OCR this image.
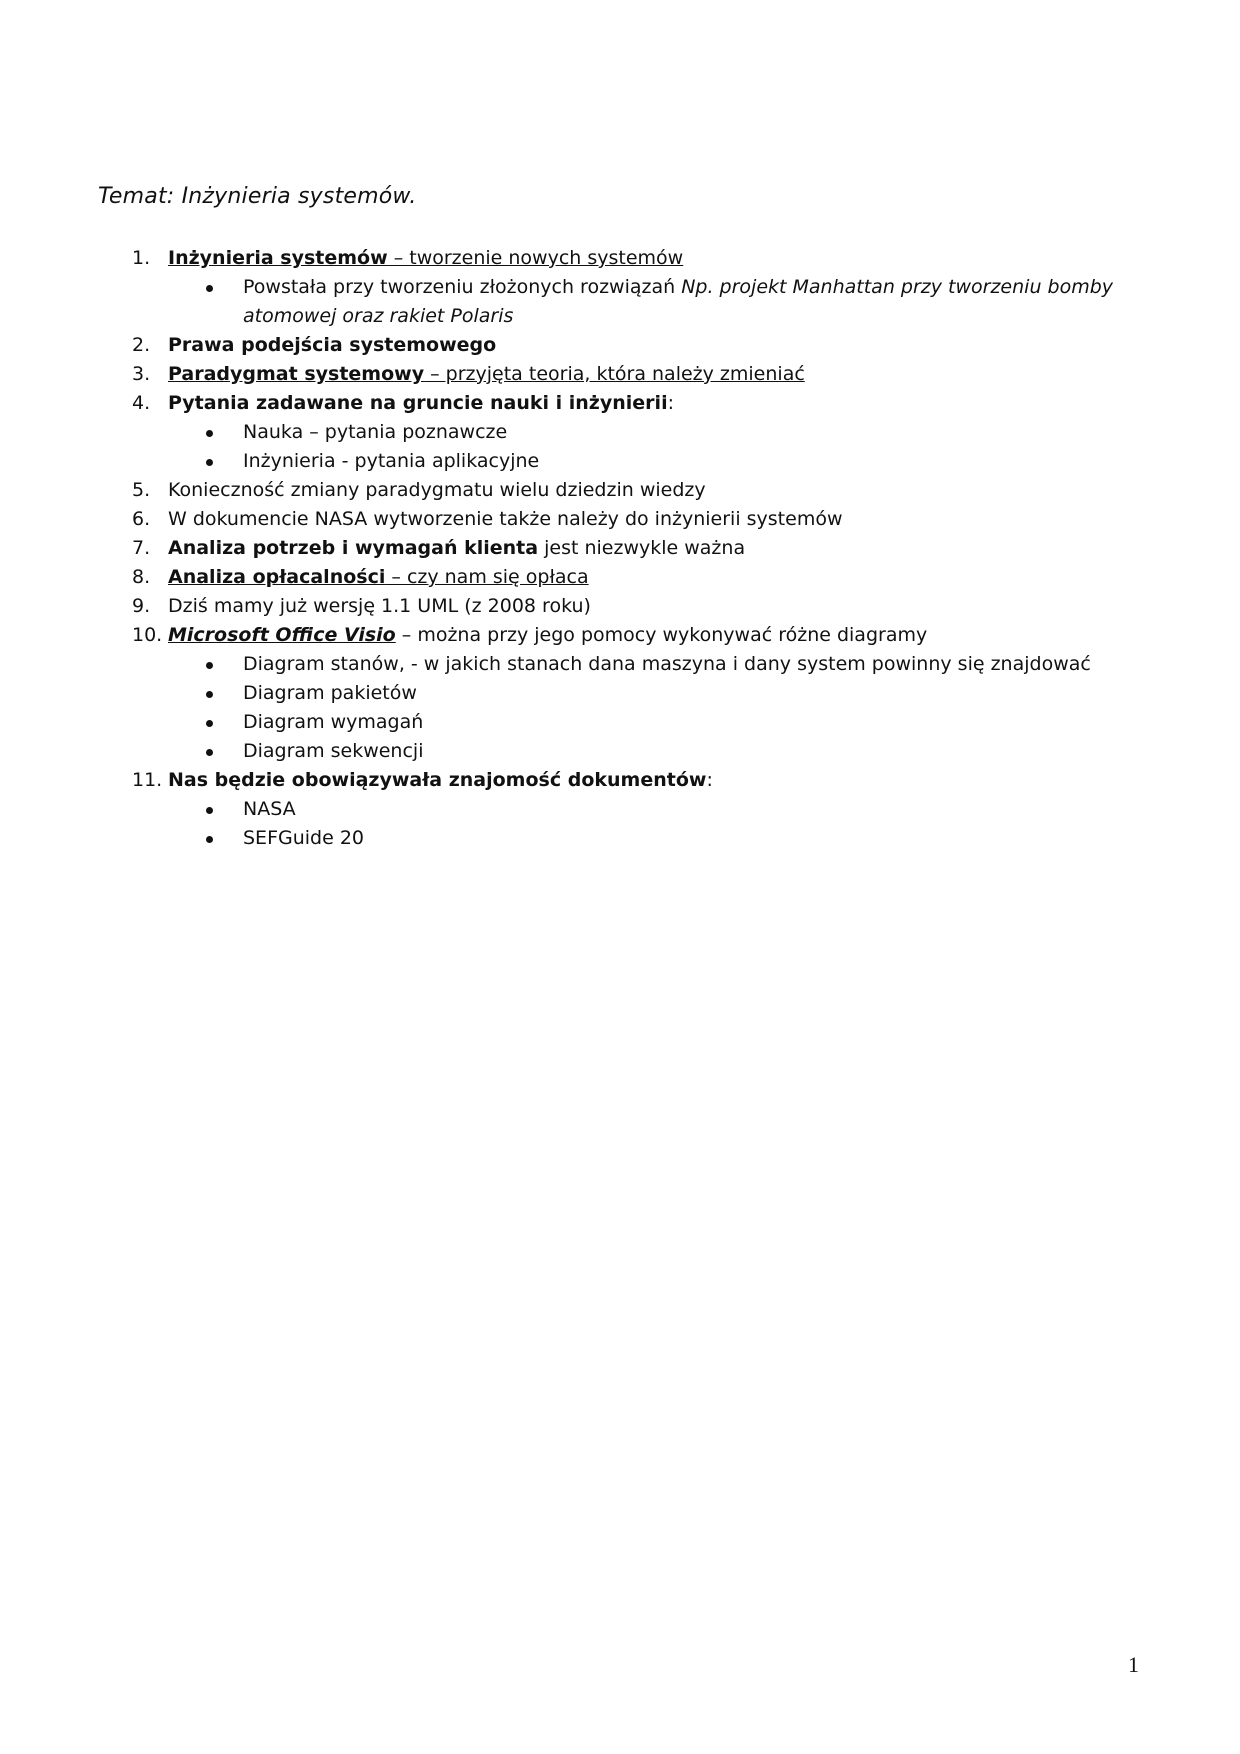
Temat: Inżynieria systemów.
1. Inżynieria systemów – tworzenie nowych systemów
Powstała przy tworzeniu złożonych rozwiązań Np. projekt Manhattan przy tworzeniu bomby
atomowej oraz rakiet Polaris
2. Prawa podejścia systemowego
3. Paradygmat systemowy – przyjęta teoria, która należy zmieniać
4. Pytania zadawane na gruncie nauki i inżynierii:
Nauka – pytania poznawcze
Inżynieria - pytania aplikacyjne
5. Konieczność zmiany paradygmatu wielu dziedzin wiedzy
6. W dokumencie NASA wytworzenie także należy do inżynierii systemów
7. Analiza potrzeb i wymagań klienta jest niezwykle ważna
8. Analiza opłacalności – czy nam się opłaca
9. Dziś mamy już wersję 1.1 UML (z 2008 roku)
10. Microsoft Office Visio – można przy jego pomocy wykonywać różne diagramy
Diagram stanów, - w jakich stanach dana maszyna i dany system powinny się znajdować
Diagram pakietów
Diagram wymagań
Diagram sekwencji
11. Nas będzie obowiązywała znajomość dokumentów:
NASA
SEFGuide 20
1
